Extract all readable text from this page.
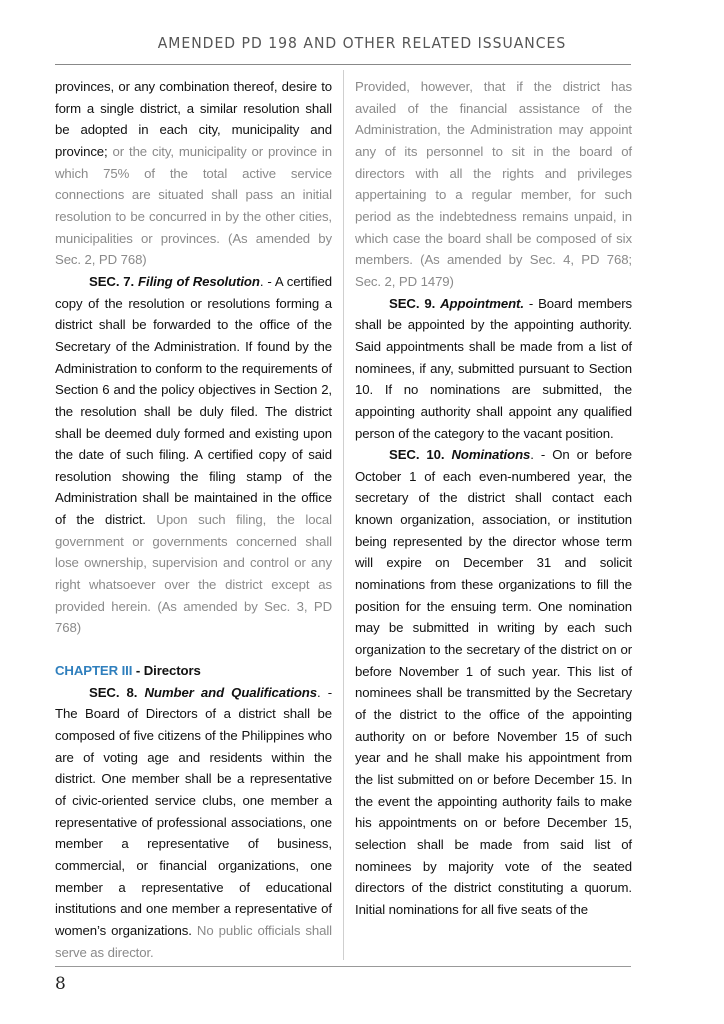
AMENDED PD 198 AND OTHER RELATED ISSUANCES

provinces, or any combination thereof, desire to form a single district, a similar resolution shall be adopted in each city, municipality and province; or the city, municipality or province in which 75% of the total active service connections are situated shall pass an initial resolution to be concurred in by the other cities, municipalities or provinces. (As amended by Sec. 2, PD 768)

SEC. 7. Filing of Resolution. - A certified copy of the resolution or resolutions forming a district shall be forwarded to the office of the Secretary of the Administration. If found by the Administration to conform to the requirements of Section 6 and the policy objectives in Section 2, the resolution shall be duly filed. The district shall be deemed duly formed and existing upon the date of such filing. A certified copy of said resolution showing the filing stamp of the Administration shall be maintained in the office of the district. Upon such filing, the local government or governments concerned shall lose ownership, supervision and control or any right whatsoever over the district except as provided herein. (As amended by Sec. 3, PD 768)

CHAPTER III - Directors

SEC. 8. Number and Qualifications. - The Board of Directors of a district shall be composed of five citizens of the Philippines who are of voting age and residents within the district. One member shall be a representative of civic-oriented service clubs, one member a representative of professional associations, one member a representative of business, commercial, or financial organizations, one member a representative of educational institutions and one member a representative of women’s organizations. No public officials shall serve as director.

Provided, however, that if the district has availed of the financial assistance of the Administration, the Administration may appoint any of its personnel to sit in the board of directors with all the rights and privileges appertaining to a regular member, for such period as the indebtedness remains unpaid, in which case the board shall be composed of six members. (As amended by Sec. 4, PD 768; Sec. 2, PD 1479)

SEC. 9. Appointment. - Board members shall be appointed by the appointing authority. Said appointments shall be made from a list of nominees, if any, submitted pursuant to Section 10. If no nominations are submitted, the appointing authority shall appoint any qualified person of the category to the vacant position.

SEC. 10. Nominations. - On or before October 1 of each even-numbered year, the secretary of the district shall contact each known organization, association, or institution being represented by the director whose term will expire on December 31 and solicit nominations from these organizations to fill the position for the ensuing term. One nomination may be submitted in writing by each such organization to the secretary of the district on or before November 1 of such year. This list of nominees shall be transmitted by the Secretary of the district to the office of the appointing authority on or before November 15 of such year and he shall make his appointment from the list submitted on or before December 15. In the event the appointing authority fails to make his appointments on or before December 15, selection shall be made from said list of nominees by majority vote of the seated directors of the district constituting a quorum. Initial nominations for all five seats of the

8
